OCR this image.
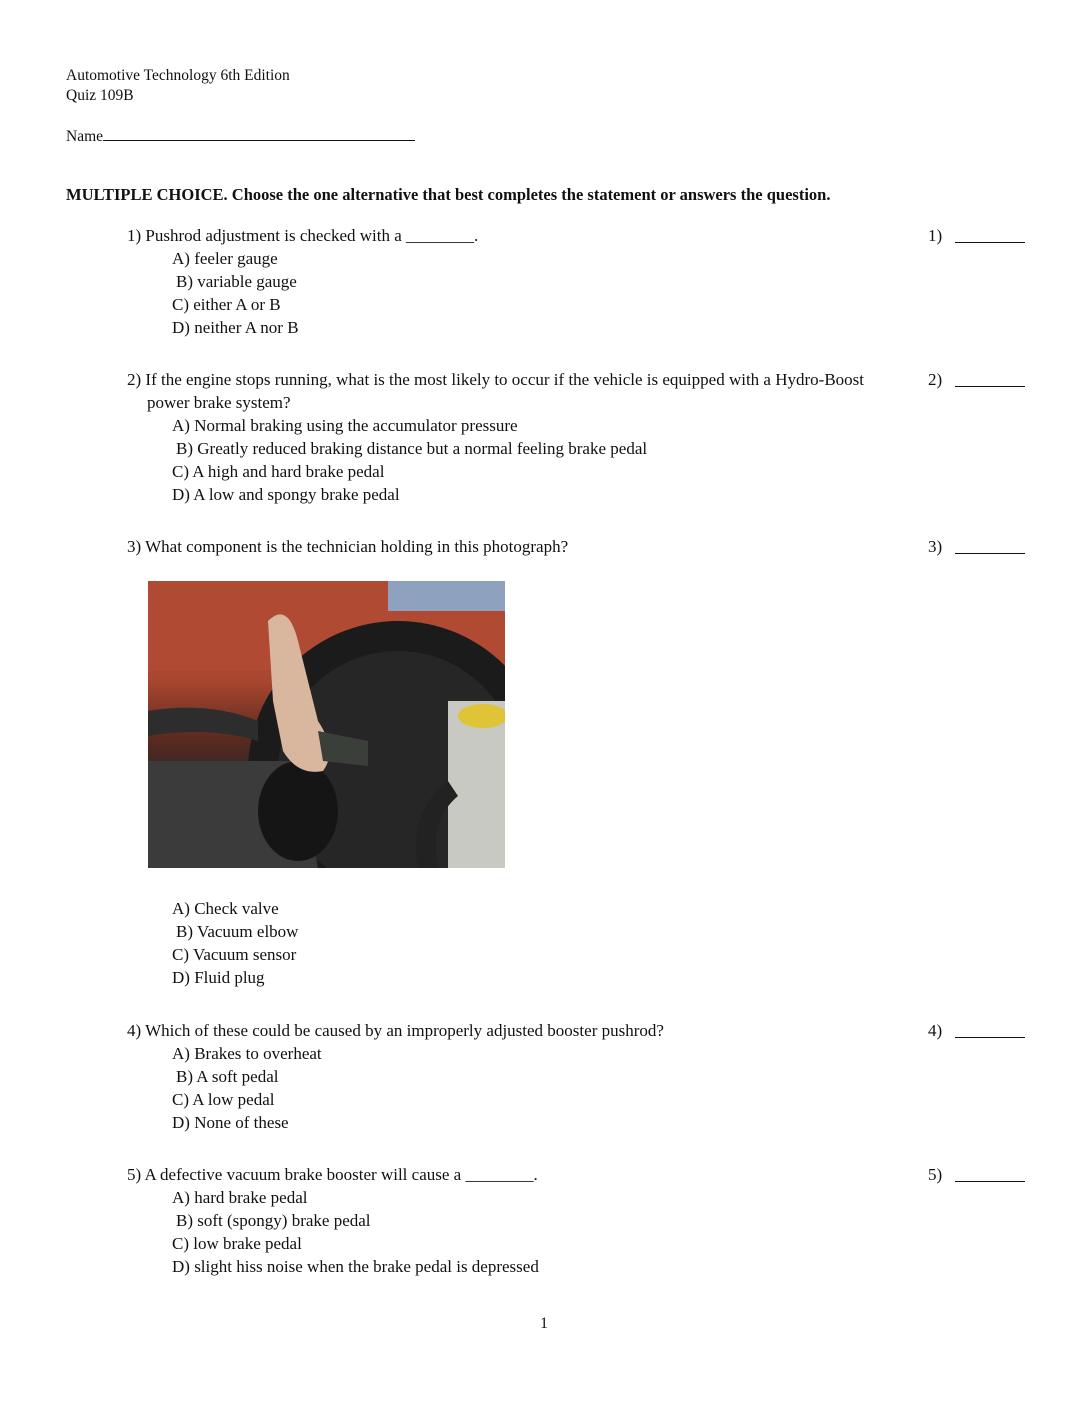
Automotive Technology 6th Edition
Quiz 109B
Name
MULTIPLE CHOICE. Choose the one alternative that best completes the statement or answers the question.
1) Pushrod adjustment is checked with a ________.
A) feeler gauge
B) variable gauge
C) either A or B
D) neither A nor B
1)
2) If the engine stops running, what is the most likely to occur if the vehicle is equipped with a Hydro-Boost power brake system?
A) Normal braking using the accumulator pressure
B) Greatly reduced braking distance but a normal feeling brake pedal
C) A high and hard brake pedal
D) A low and spongy brake pedal
2)
A) Check valve
B) Vacuum elbow
C) Vacuum sensor
D) Fluid plug
3) What component is the technician holding in this photograph?	3)
4) Which of these could be caused by an improperly adjusted booster pushrod?
A) Brakes to overheat
B) A soft pedal
C) A low pedal
D) None of these
4)
5) A defective vacuum brake booster will cause a ________.
A) hard brake pedal
B) soft (spongy) brake pedal
C) low brake pedal
D) slight hiss noise when the brake pedal is depressed
5)
1
